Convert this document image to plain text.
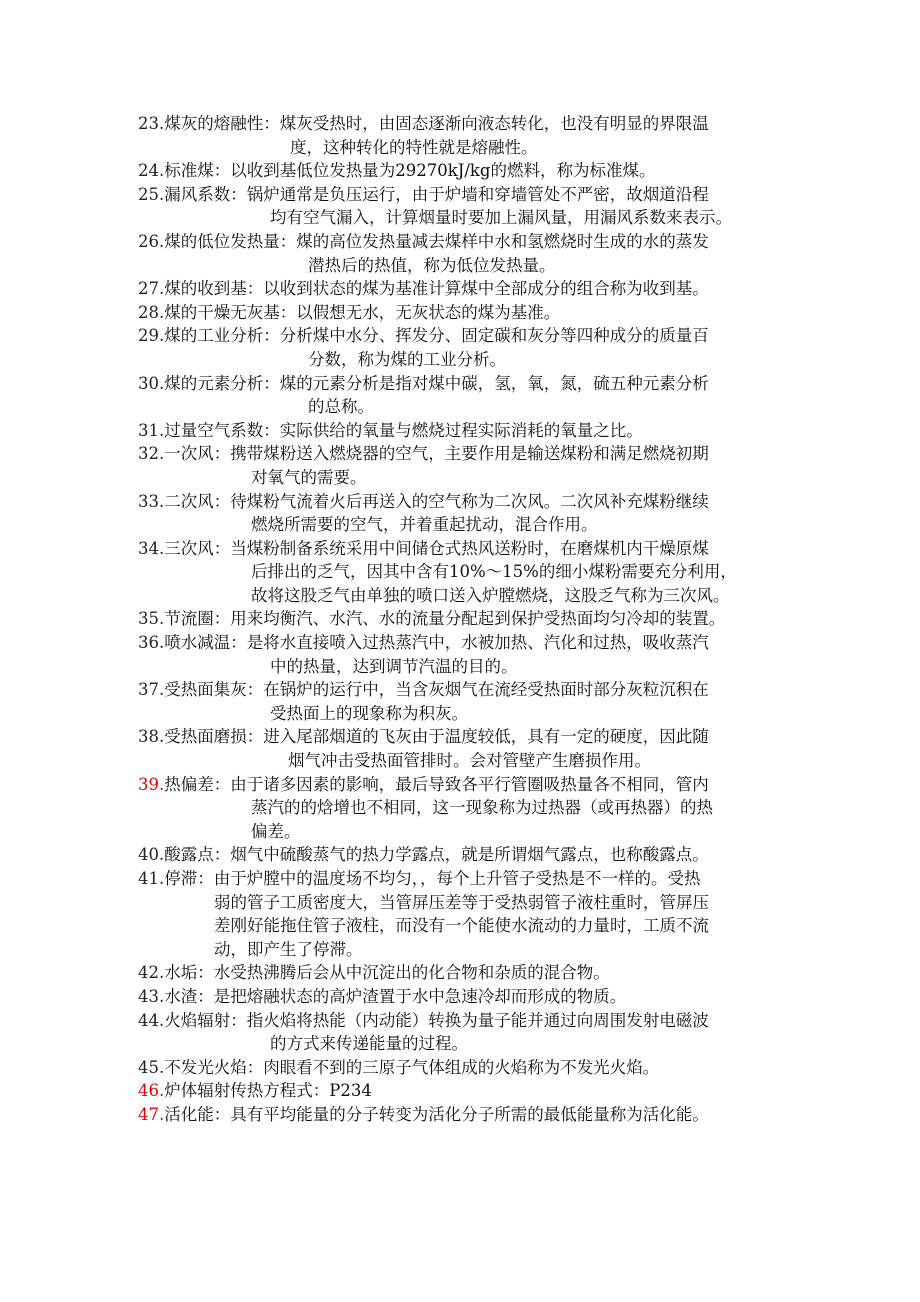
23.煤灰的熔融性：煤灰受热时，由固态逐渐向液态转化，也没有明显的界限温
度，这种转化的特性就是熔融性。
24.标准煤：以收到基低位发热量为29270kJ/kg的燃料，称为标准煤。
25.漏风系数：锅炉通常是负压运行，由于炉墙和穿墙管处不严密，故烟道沿程
均有空气漏入，计算烟量时要加上漏风量，用漏风系数来表示。
26.煤的低位发热量：煤的高位发热量减去煤样中水和氢燃烧时生成的水的蒸发
潜热后的热值，称为低位发热量。
27.煤的收到基：以收到状态的煤为基准计算煤中全部成分的组合称为收到基。
28.煤的干燥无灰基：以假想无水，无灰状态的煤为基准。
29.煤的工业分析：分析煤中水分、挥发分、固定碳和灰分等四种成分的质量百
分数，称为煤的工业分析。
30.煤的元素分析：煤的元素分析是指对煤中碳，氢，氧，氮，硫五种元素分析
的总称。
31.过量空气系数：实际供给的氧量与燃烧过程实际消耗的氧量之比。
32.一次风：携带煤粉送入燃烧器的空气，主要作用是输送煤粉和满足燃烧初期
对氧气的需要。
33.二次风：待煤粉气流着火后再送入的空气称为二次风。二次风补充煤粉继续
燃烧所需要的空气，并着重起扰动，混合作用。
34.三次风：当煤粉制备系统采用中间储仓式热风送粉时，在磨煤机内干燥原煤
后排出的乏气，因其中含有10%～15%的细小煤粉需要充分利用，
故将这股乏气由单独的喷口送入炉膛燃烧，这股乏气称为三次风。
35.节流圈：用来均衡汽、水汽、水的流量分配起到保护受热面均匀冷却的装置。
36.喷水减温：是将水直接喷入过热蒸汽中，水被加热、汽化和过热，吸收蒸汽
中的热量，达到调节汽温的目的。
37.受热面集灰：在锅炉的运行中，当含灰烟气在流经受热面时部分灰粒沉积在
受热面上的现象称为积灰。
38.受热面磨损：进入尾部烟道的飞灰由于温度较低，具有一定的硬度，因此随
烟气冲击受热面管排时。会对管壁产生磨损作用。
39.热偏差：由于诸多因素的影响，最后导致各平行管圈吸热量各不相同，管内
蒸汽的的焓增也不相同，这一现象称为过热器（或再热器）的热
偏差。
40.酸露点：烟气中硫酸蒸气的热力学露点，就是所谓烟气露点，也称酸露点。
41.停滞：由于炉膛中的温度场不均匀，，每个上升管子受热是不一样的。受热
弱的管子工质密度大，当管屏压差等于受热弱管子液柱重时，管屏压
差刚好能拖住管子液柱，而没有一个能使水流动的力量时，工质不流
动，即产生了停滞。
42.水垢：水受热沸腾后会从中沉淀出的化合物和杂质的混合物。
43.水渣：是把熔融状态的高炉渣置于水中急速冷却而形成的物质。
44.火焰辐射：指火焰将热能（内动能）转换为量子能并通过向周围发射电磁波
的方式来传递能量的过程。
45.不发光火焰：肉眼看不到的三原子气体组成的火焰称为不发光火焰。
46.炉体辐射传热方程式：P234
47.活化能：具有平均能量的分子转变为活化分子所需的最低能量称为活化能。
